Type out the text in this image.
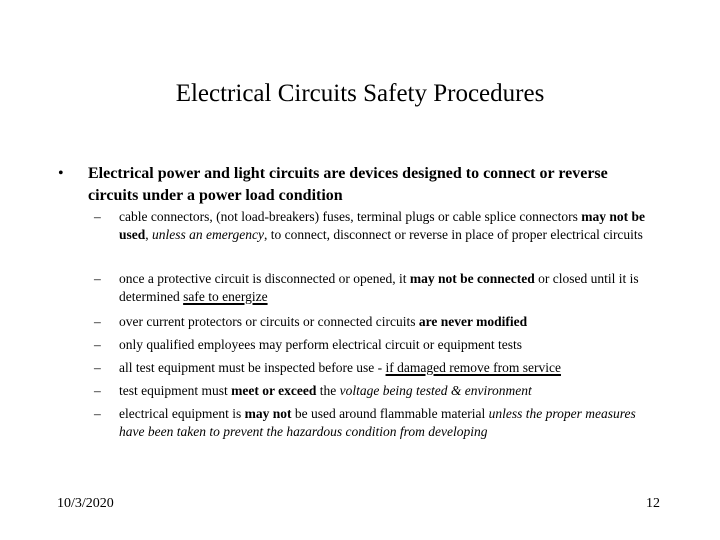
Electrical Circuits Safety Procedures
• Electrical power and light circuits are devices designed to connect or reverse
circuits under a power load condition
–	cable connectors, (not load-breakers) fuses, terminal plugs or cable splice connectors may not be used, unless an emergency, to connect, disconnect or reverse in place of proper electrical circuits
–	once a protective circuit is disconnected or opened, it may not be connected or closed until it is determined safe to energize
–	over current protectors or circuits or connected circuits are never modified
–	only qualified employees may perform electrical circuit or equipment tests
–	all test equipment must be inspected before use - if damaged remove from service
–	test equipment must meet or exceed the voltage being tested & environment
–	electrical equipment is may not be used around flammable material unless the proper measures have been taken to prevent the hazardous condition from developing
10/3/2020	12
